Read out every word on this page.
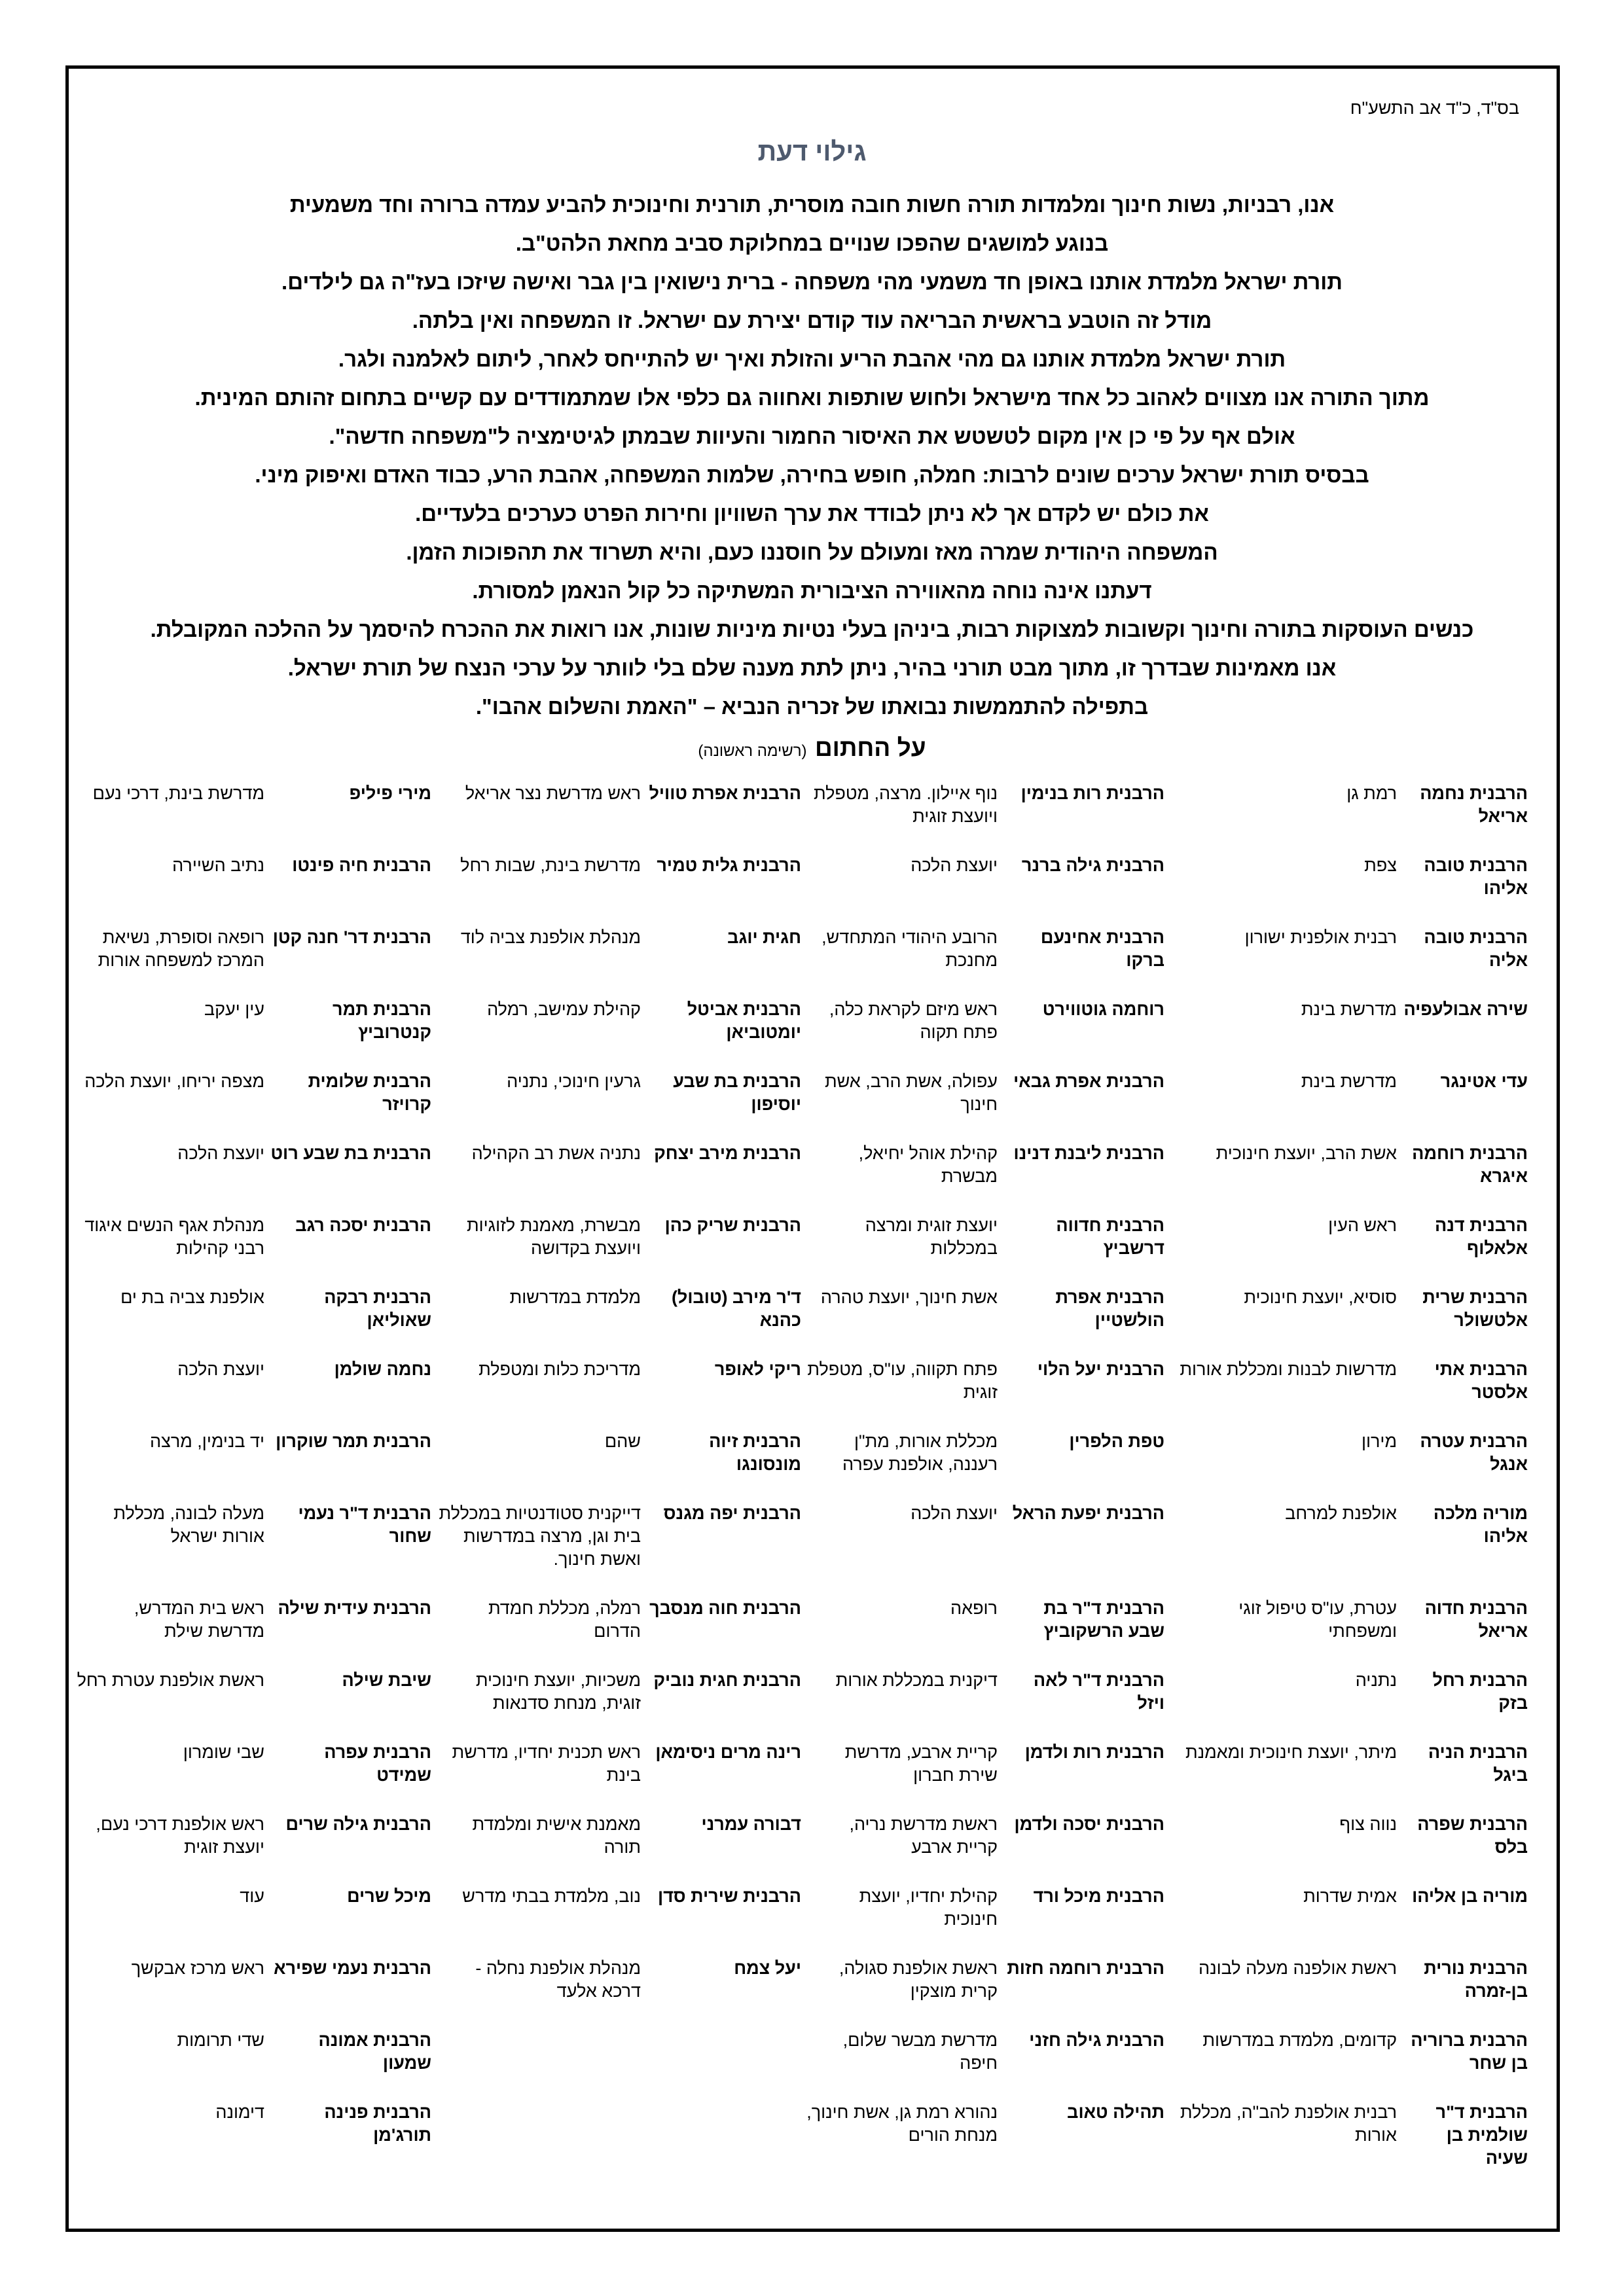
בס"ד, כ"ד אב התשע"ח
גילוי דעת
אנו, רבניות, נשות חינוך ומלמדות תורה חשות חובה מוסרית, תורנית וחינוכית להביע עמדה ברורה וחד משמעית
בנוגע למושגים שהפכו שנויים במחלוקת סביב מחאת הלהט"ב.
תורת ישראל מלמדת אותנו באופן חד משמעי מהי משפחה - ברית נישואין בין גבר ואישה שיזכו בעז"ה גם לילדים.
מודל זה הוטבע בראשית הבריאה עוד קודם יצירת עם ישראל. זו המשפחה ואין בלתה.
תורת ישראל מלמדת אותנו גם מהי אהבת הריע והזולת ואיך יש להתייחס לאחר, ליתום לאלמנה ולגר.
מתוך התורה אנו מצווים לאהוב כל אחד מישראל ולחוש שותפות ואחווה גם כלפי אלו שמתמודדים עם קשיים בתחום זהותם המינית.
אולם אף על פי כן אין מקום לטשטש את האיסור החמור והעיוות שבמתן לגיטימציה ל"משפחה חדשה".
בבסיס תורת ישראל ערכים שונים לרבות: חמלה, חופש בחירה, שלמות המשפחה, אהבת הרע, כבוד האדם ואיפוק מיני.
את כולם יש לקדם אך לא ניתן לבודד את ערך השוויון וחירות הפרט כערכים בלעדיים.
המשפחה היהודית שמרה מאז ומעולם על חוסננו כעם, והיא תשרוד את תהפוכות הזמן.
דעתנו אינה נוחה מהאווירה הציבורית המשתיקה כל קול הנאמן למסורת.
כנשים העוסקות בתורה וחינוך וקשובות למצוקות רבות, ביניהן בעלי נטיות מיניות שונות, אנו רואות את ההכרח להיסמך על ההלכה המקובלת.
אנו מאמינות שבדרך זו, מתוך מבט תורני בהיר, ניתן לתת מענה שלם בלי לוותר על ערכי הנצח של תורת ישראל.
בתפילה להתממשות נבואתו של זכריה הנביא – "האמת והשלום אהבו".
על החתום (רשימה ראשונה)
הרבנית נחמה אריאל	רמת גן	הרבנית רות בנימין	נוף איילון. מרצה, מטפלת ויועצת זוגית	הרבנית אפרת טוויל	ראש מדרשת נצר אריאל	מירי פיליפ	מדרשת בינת, דרכי נעם
הרבנית טובה אליהו	צפת	הרבנית גילה ברנר	יועצת הלכה	הרבנית גלית טמיר	מדרשת בינת, שבות רחל	הרבנית חיה פינטו	נתיב השיירה
הרבנית טובה אליה	רבנית אולפנית ישורון	הרבנית אחינעם ברקו	הרובע היהודי המתחדש, מחנכת	חגית יוגב	מנהלת אולפנת צביה לוד	הרבנית דר' חנה קטן	רופאה וסופרת, נשיאת המרכז למשפחה אורות
שירה אבולעפיה	מדרשת בינת	רוחמה גוטווירט	ראש מיזם לקראת כלה, פתח תקוה	הרבנית אביטל יומטוביאן	קהילת עמישב, רמלה	הרבנית תמר קנטרוביץ	עין יעקב
עדי אטינגר	מדרשת בינת	הרבנית אפרת גבאי	עפולה, אשת הרב, אשת חינוך	הרבנית בת שבע יוסיפון	גרעין חינוכי, נתניה	הרבנית שלומית קרויזר	מצפה יריחו, יועצת הלכה
הרבנית רוחמה איגרא	אשת הרב, יועצת חינוכית	הרבנית ליבנת דנינו	קהילת אוהל יחיאל, מבשרת	הרבנית מירב יצחק	נתניה אשת רב הקהילה	הרבנית בת שבע רוט	יועצת הלכה
הרבנית דנה אלאלוף	ראש העין	הרבנית חדווה דרשביץ	יועצת זוגית ומרצה במכללות	הרבנית שריק כהן	מבשרת, מאמנת לזוגיות ויועצת בקדושה	הרבנית יסכה רגב	מנהלת אגף הנשים איגוד רבני קהילות
הרבנית שרית אלטשולר	סוסיא, יועצת חינוכית	הרבנית אפרת הולשטיין	אשת חינוך, יועצת טהרה	ד'ר מירב (טובול) כהנא	מלמדת במדרשות	הרבנית רבקה שאוליאן	אולפנת צביה בת ים
הרבנית אתי אלסטר	מדרשות לבנות ומכללת אורות	הרבנית יעל הלוי	פתח תקווה, עו"ס, מטפלת זוגית	ריקי לאופר	מדריכת כלות ומטפלת	נחמה שולמן	יועצת הלכה
הרבנית עטרה אנגל	מירון	טפת הלפרין	מכללת אורות, מת"ן רעננה, אולפנת עפרה	הרבנית זיוה מונסונגו	שהם	הרבנית תמר שוקרון	יד בנימין, מרצה
מוריה מלכה אליהו	אולפנת למרחב	הרבנית יפעת הראל	יועצת הלכה	הרבנית יפה מגנס	דייקנית סטודנטיות במכללת בית וגן, מרצה במדרשות ואשת חינוך.	הרבנית ד"ר נעמי שחור	מעלה לבונה, מכללת אורות ישראל
הרבנית חדוה אריאל	עטרת, עו"ס טיפול זוגי ומשפחתי	הרבנית ד"ר בת שבע הרשקוביץ	רופאה	הרבנית חוה מנסבך	רמלה, מכללת חמדת הדרום	הרבנית עידית שילה	ראש בית המדרש, מדרשת שילת
הרבנית רחל בזק	נתניה	הרבנית ד"ר לאה ויזל	דיקנית במכללת אורות	הרבנית חגית נוביק	משכיות, יועצת חינוכית זוגית, מנחת סדנאות	שיבת שילה	ראשת אולפנת עטרת רחל
הרבנית הניה ביגל	מיתר, יועצת חינוכית ומאמנת	הרבנית רות ולדמן	קריית ארבע, מדרשת שירת חברון	רינה מרים ניסימאן	ראש תכנית יחדיו, מדרשת בינת	הרבנית עפרה שמידט	שבי שומרון
הרבנית שפרה בלס	נווה צוף	הרבנית יסכה ולדמן	ראשת מדרשת נריה, קריית ארבע	דבורה עמרני	מאמנת אישית ומלמדת תורה	הרבנית גילה שרים	ראש אולפנת דרכי נעם, יועצת זוגית
מוריה בן אליהו	אמית שדרות	הרבנית מיכל ורד	קהילת יחדיו, יועצת חינוכית	הרבנית שירית סדן	נוב, מלמדת בבתי מדרש	מיכל שרים	עוד
הרבנית נורית בן-זמרה	ראשת אולפנה מעלה לבונה	הרבנית רוחמה חזות	ראשת אולפנת סגולה, קרית מוצקין	יעל צמח	מנהלת אולפנת נחלה - דרכא אלעד	הרבנית נעמי שפירא	ראש מרכז אבקשך
הרבנית ברוריה בן שחר	קדומים, מלמדת במדרשות	הרבנית גילה חזני	מדרשת מבשר שלום, חיפה			הרבנית אמונה שמעון	שדי תרומות
הרבנית ד"ר שולמית בן שעיה	רבנית אולפנת להב"ה, מכללת אורות	תהילה טאוב	נהורא רמת גן, אשת חינוך, מנחת הורים			הרבנית פנינה תורג'מן	דימונה
